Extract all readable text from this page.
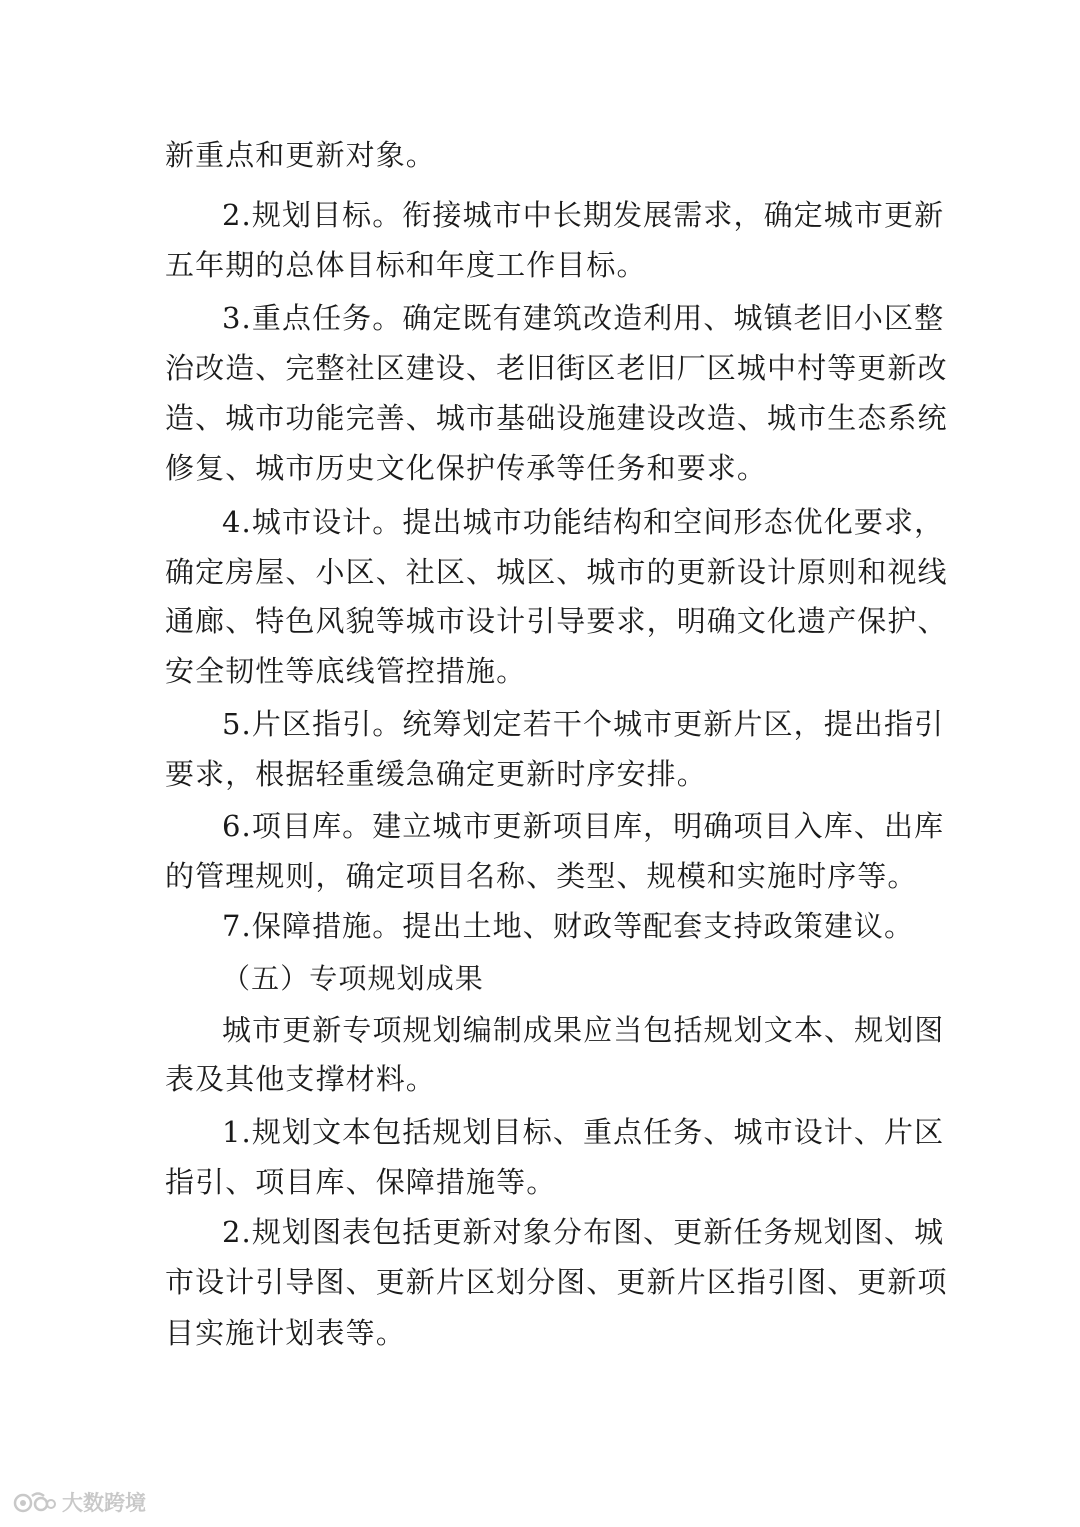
新重点和更新对象。
2.规划目标。衔接城市中长期发展需求，确定城市更新
五年期的总体目标和年度工作目标。
3.重点任务。确定既有建筑改造利用、城镇老旧小区整
治改造、完整社区建设、老旧街区老旧厂区城中村等更新改
造、城市功能完善、城市基础设施建设改造、城市生态系统
修复、城市历史文化保护传承等任务和要求。
4.城市设计。提出城市功能结构和空间形态优化要求，
确定房屋、小区、社区、城区、城市的更新设计原则和视线
通廊、特色风貌等城市设计引导要求，明确文化遗产保护、
安全韧性等底线管控措施。
5.片区指引。统筹划定若干个城市更新片区，提出指引
要求，根据轻重缓急确定更新时序安排。
6.项目库。建立城市更新项目库，明确项目入库、出库
的管理规则，确定项目名称、类型、规模和实施时序等。
7.保障措施。提出土地、财政等配套支持政策建议。
（五）专项规划成果
城市更新专项规划编制成果应当包括规划文本、规划图
表及其他支撑材料。
1.规划文本包括规划目标、重点任务、城市设计、片区
指引、项目库、保障措施等。
2.规划图表包括更新对象分布图、更新任务规划图、城
市设计引导图、更新片区划分图、更新片区指引图、更新项
目实施计划表等。
大数跨境
